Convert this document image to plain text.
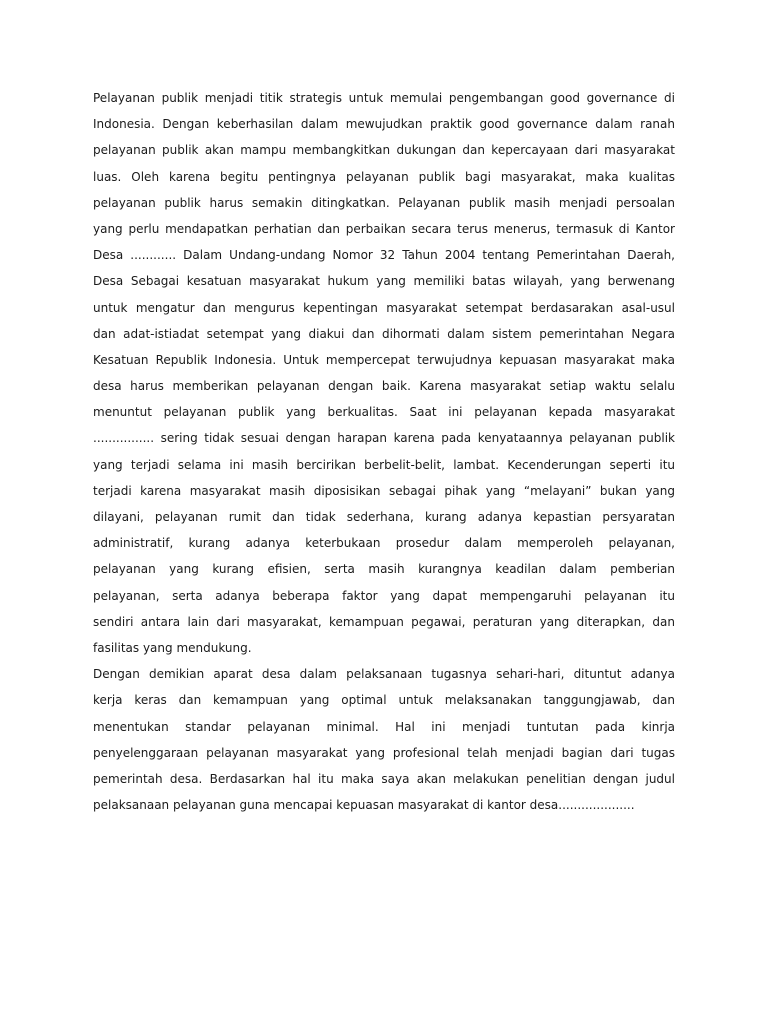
Pelayanan publik menjadi titik strategis untuk memulai pengembangan good governance di
Indonesia. Dengan keberhasilan dalam mewujudkan praktik good governance dalam ranah
pelayanan publik akan mampu membangkitkan dukungan dan kepercayaan dari masyarakat
luas. Oleh karena begitu pentingnya pelayanan publik bagi masyarakat, maka kualitas
pelayanan publik harus semakin ditingkatkan. Pelayanan publik masih menjadi persoalan
yang perlu mendapatkan perhatian dan perbaikan secara terus menerus, termasuk di Kantor
Desa ............ Dalam Undang-undang Nomor 32 Tahun 2004 tentang Pemerintahan Daerah,
Desa Sebagai kesatuan masyarakat hukum yang memiliki batas wilayah, yang berwenang
untuk mengatur dan mengurus kepentingan masyarakat setempat berdasarakan asal-usul
dan adat-istiadat setempat yang diakui dan dihormati dalam sistem pemerintahan Negara
Kesatuan Republik Indonesia. Untuk mempercepat terwujudnya kepuasan masyarakat maka
desa harus memberikan pelayanan dengan baik. Karena masyarakat setiap waktu selalu
menuntut pelayanan publik yang berkualitas. Saat ini pelayanan kepada masyarakat
................ sering tidak sesuai dengan harapan karena pada kenyataannya pelayanan publik
yang terjadi selama ini masih bercirikan berbelit-belit, lambat. Kecenderungan seperti itu
terjadi karena masyarakat masih diposisikan sebagai pihak yang “melayani” bukan yang
dilayani, pelayanan rumit dan tidak sederhana, kurang adanya kepastian persyaratan
administratif, kurang adanya keterbukaan prosedur dalam memperoleh pelayanan,
pelayanan yang kurang efisien, serta masih kurangnya keadilan dalam pemberian
pelayanan, serta adanya beberapa faktor yang dapat mempengaruhi pelayanan itu
sendiri antara lain dari masyarakat, kemampuan pegawai, peraturan yang diterapkan, dan
fasilitas yang mendukung.
Dengan demikian aparat desa dalam pelaksanaan tugasnya sehari-hari, dituntut adanya
kerja keras dan kemampuan yang optimal untuk melaksanakan tanggungjawab, dan
menentukan standar pelayanan minimal. Hal ini menjadi tuntutan pada kinrja
penyelenggaraan pelayanan masyarakat yang profesional telah menjadi bagian dari tugas
pemerintah desa. Berdasarkan hal itu maka saya akan melakukan penelitian dengan judul
pelaksanaan pelayanan guna mencapai kepuasan masyarakat di kantor desa....................
